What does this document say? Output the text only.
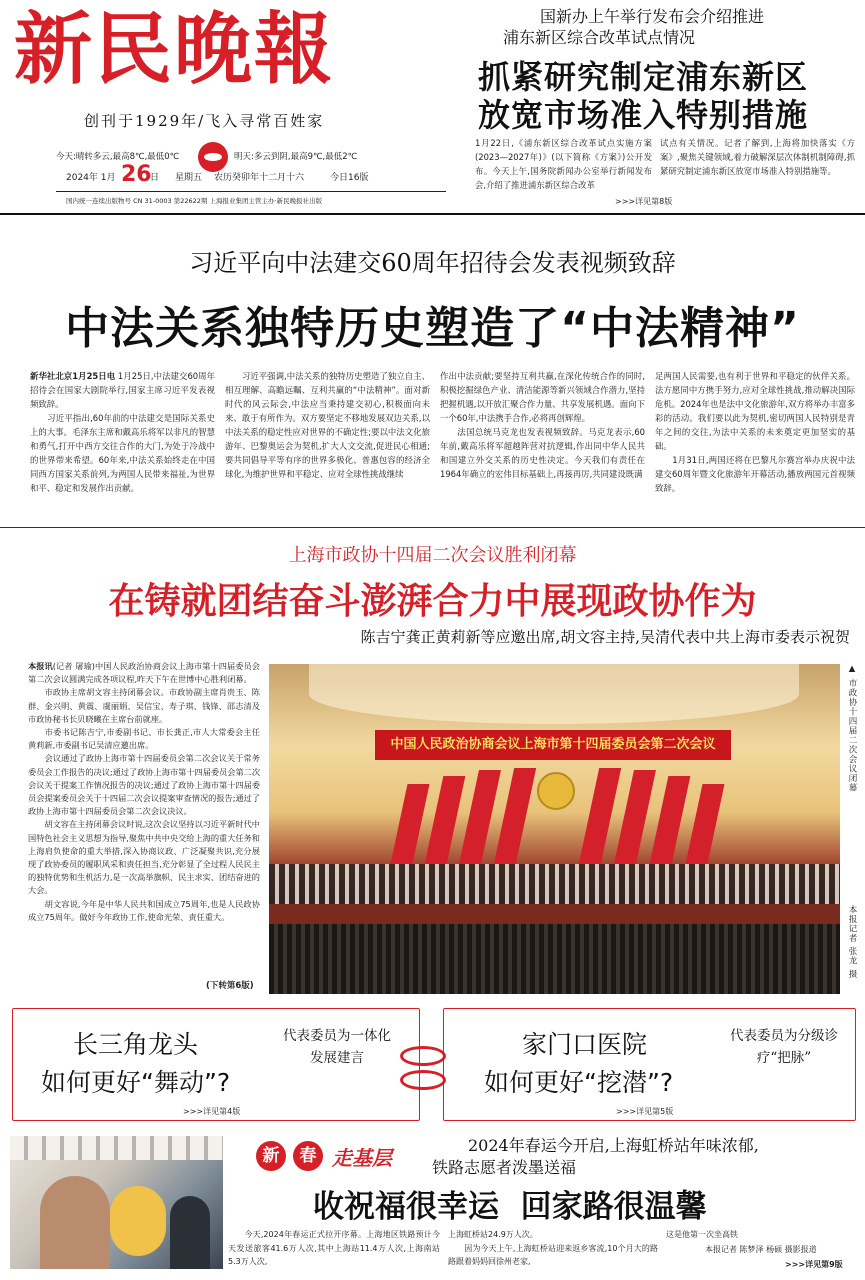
新民晚報
创刊于1929年/飞入寻常百姓家
今天:晴转多云,最高8℃,最低0℃	明天:多云到阴,最高9℃,最低2℃
2024年 1月 26
日 星期五 农历癸卯年十二月十六	今日16版
国内统一连续出版物号 CN 31-0003 第22622期 上海报业集团主管主办·新民晚报社出版
国新办上午举行发布会介绍推进
浦东新区综合改革试点情况
抓紧研究制定浦东新区
放宽市场准入特别措施
1月22日,《浦东新区综合改革试点实施方案(2023—2027年)》(以下简称《方案》)公开发布。今天上午,国务院新闻办公室举行新闻发布会,介绍了推进浦东新区综合改革
试点有关情况。记者了解到,上海将加快落实《方案》,聚焦关键领域,着力破解深层次体制机制障碍,抓紧研究制定浦东新区放宽市场准入特别措施等。
>>>详见第8版
习近平向中法建交60周年招待会发表视频致辞
中法关系独特历史塑造了“中法精神”
新华社北京1月25日电 1月25日,中法建交60周年招待会在国家大剧院举行,国家主席习近平发表视频致辞。
　　习近平指出,60年前的中法建交是国际关系史上的大事。毛泽东主席和戴高乐将军以非凡的智慧和勇气,打开中西方交往合作的大门,为处于冷战中的世界带来希望。60年来,中法关系始终走在中国同西方国家关系前列,为两国人民带来福祉,为世界和平、稳定和发展作出贡献。
　　习近平强调,中法关系的独特历史塑造了独立自主、相互理解、高瞻远瞩、互利共赢的“中法精神”。面对新时代的风云际会,中法应当秉持建交初心,积极面向未来、敢于有所作为。双方要坚定不移地发展双边关系,以中法关系的稳定性应对世界的不确定性;要以中法文化旅游年、巴黎奥运会为契机,扩大人文交流,促进民心相通;要共同倡导平等有序的世界多极化、普惠包容的经济全球化,为维护世界和平稳定、应对全球性挑战继续
作出中法贡献;要坚持互利共赢,在深化传统合作的同时,积极挖掘绿色产业、清洁能源等新兴领域合作潜力,坚持把握机遇,以开放汇聚合作力量、共享发展机遇。面向下一个60年,中法携手合作,必将再创辉煌。
　　法国总统马克龙也发表视频致辞。马克龙表示,60年前,戴高乐将军超越阵营对抗逻辑,作出同中华人民共和国建立外交关系的历史性决定。今天我们有责任在1964年确立的宏伟目标基础上,再接再厉,共同建设既满
足两国人民需要,也有利于世界和平稳定的伙伴关系。法方愿同中方携手努力,应对全球性挑战,推动解决国际危机。2024年也是法中文化旅游年,双方将举办丰富多彩的活动。我们要以此为契机,密切两国人民特别是青年之间的交往,为法中关系的未来奠定更加坚实的基础。
　　1月31日,两国还将在巴黎凡尔赛宫举办庆祝中法建交60周年暨文化旅游年开幕活动,播放两国元首视频致辞。
上海市政协十四届二次会议胜利闭幕
在铸就团结奋斗澎湃合力中展现政协作为
陈吉宁龚正黄莉新等应邀出席,胡文容主持,吴清代表中共上海市委表示祝贺
本报讯(记者 屠瑜)中国人民政治协商会议上海市第十四届委员会第二次会议圆满完成各项议程,昨天下午在世博中心胜利闭幕。
　　市政协主席胡文容主持闭幕会议。市政协副主席肖贵玉、陈群、金兴明、黄震、虞丽娟、吴信宝、寿子琪、钱锋、邵志清及市政协秘书长贝晓曦在主席台前就座。
　　市委书记陈吉宁,市委副书记、市长龚正,市人大常委会主任黄莉新,市委副书记吴清应邀出席。
　　会议通过了政协上海市第十四届委员会第二次会议关于常务委员会工作报告的决议;通过了政协上海市第十四届委员会第二次会议关于提案工作情况报告的决议;通过了政协上海市第十四届委员会提案委员会关于十四届二次会议提案审查情况的报告;通过了政协上海市第十四届委员会第二次会议决议。
　　胡文容在主持闭幕会议时说,这次会议坚持以习近平新时代中国特色社会主义思想为指导,聚焦中共中央交给上海的重大任务和上海肩负使命的重大举措,深入协商议政、广泛凝聚共识,充分展现了政协委员的履职风采和责任担当,充分彰显了全过程人民民主的独特优势和生机活力,是一次高举旗帜、民主求实、团结奋进的大会。
　　胡文容说,今年是中华人民共和国成立75周年,也是人民政协成立75周年。做好今年政协工作,使命光荣、责任重大。
(下转第6版)
中国人民政治协商会议上海市第十四届委员会第二次会议	▲ 市政协十四届二次会议闭幕
本报记者 张龙 摄
长三角龙头
如何更好“舞动”?
代表委员为一体化发展建言
>>>详见第4版
家门口医院
如何更好“挖潜”?
代表委员为分级诊疗“把脉”
>>>详见第5版
新	春 走基层
2024年春运今开启,上海虹桥站年味浓郁,
铁路志愿者泼墨送福
收祝福很幸运  回家路很温馨
　　今天,2024年春运正式拉开序幕。上海地区铁路预计今天发送旅客41.6万人次,其中上海站11.4万人次,上海南站5.3万人次,
上海虹桥站24.9万人次。
　　因为今天上午,上海虹桥站迎来返乡客流,10个月大的路路跟着妈妈回徐州老家,
这是他第一次坐高铁
本报记者 陈梦泽 杨硕 摄影报道
>>>详见第9版
